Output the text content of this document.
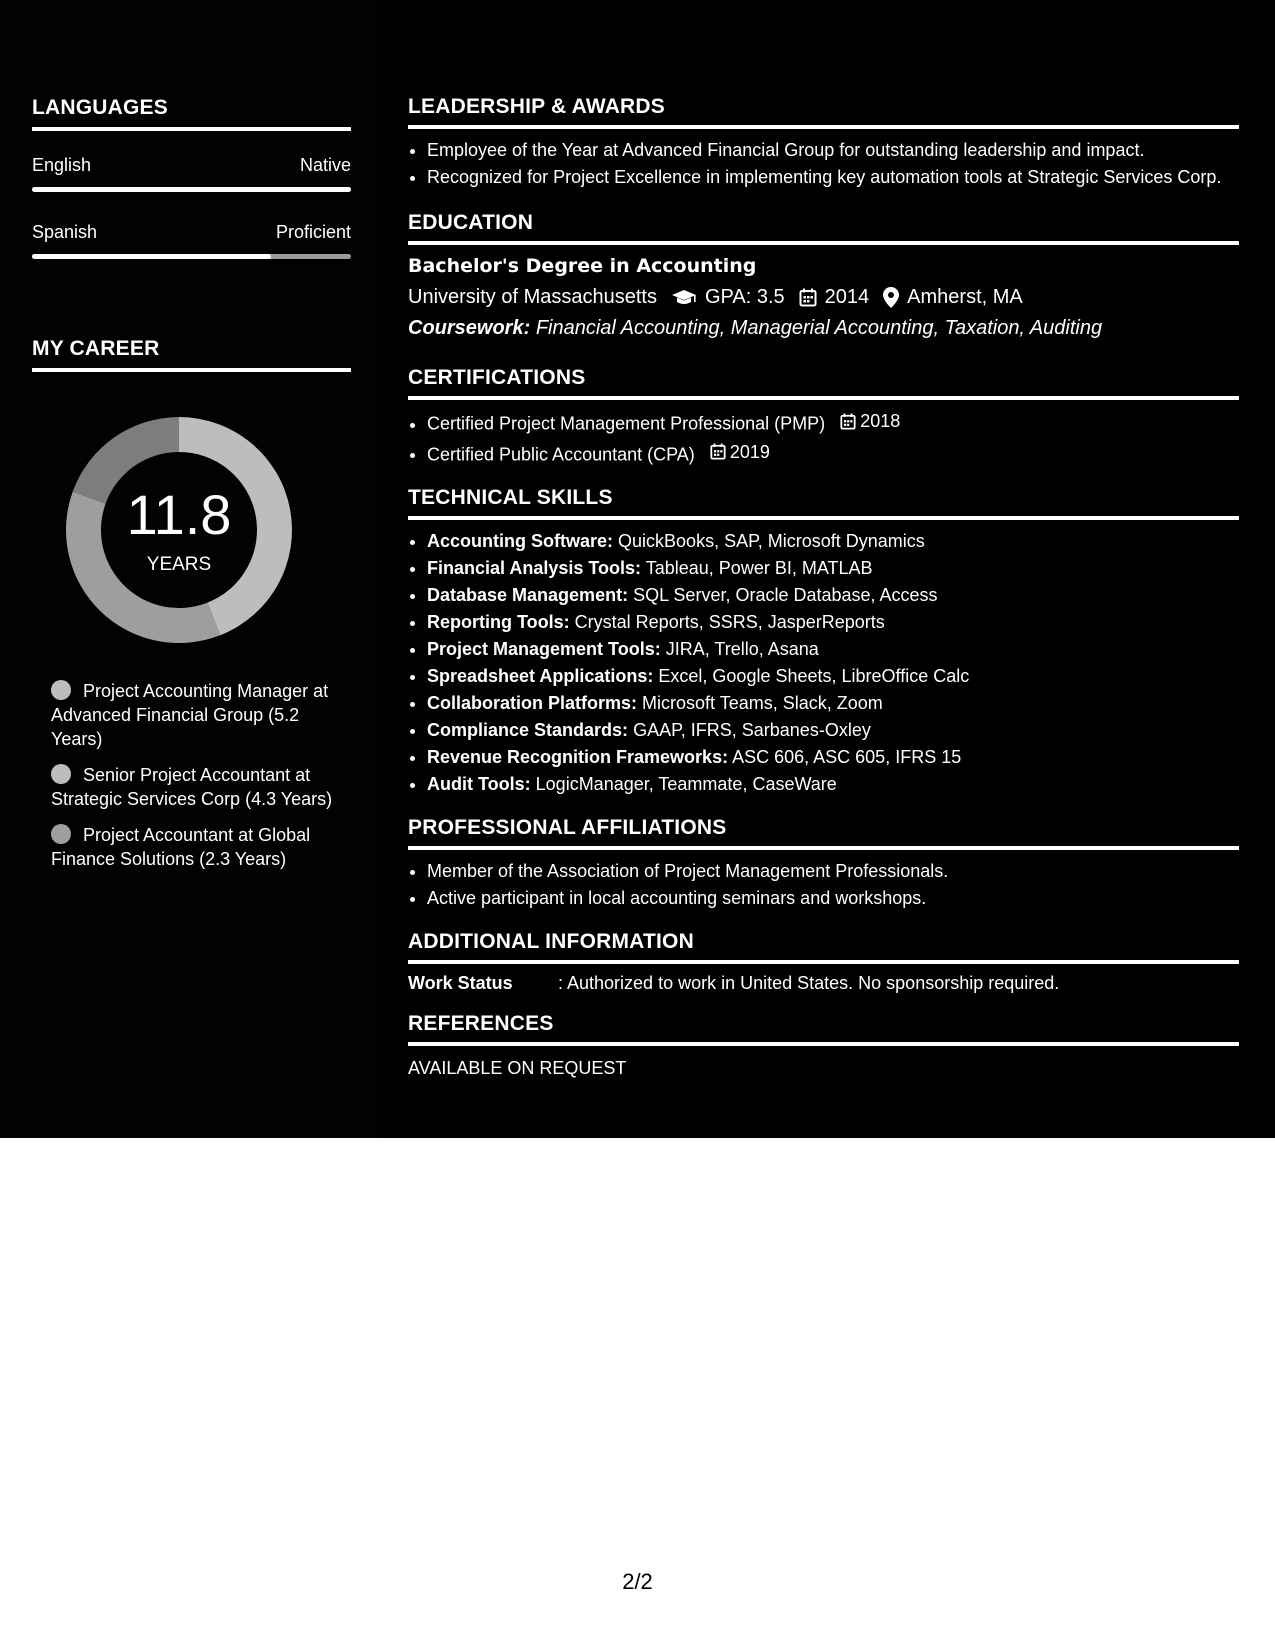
LANGUAGES
English	Native
Spanish	Proficient
MY CAREER
11.8
YEARS
Project Accounting Manager at Advanced Financial Group (5.2 Years)
Senior Project Accountant at Strategic Services Corp (4.3 Years)
Project Accountant at Global Finance Solutions (2.3 Years)
LEADERSHIP & AWARDS
• Employee of the Year at Advanced Financial Group for outstanding leadership and impact.
• Recognized for Project Excellence in implementing key automation tools at Strategic Services Corp.
EDUCATION
Bachelor's Degree in Accounting
University of Massachusetts GPA: 3.5 2014 Amherst, MA
Coursework: Financial Accounting, Managerial Accounting, Taxation, Auditing
CERTIFICATIONS
• Certified Project Management Professional (PMP) 2018
• Certified Public Accountant (CPA) 2019
TECHNICAL SKILLS
• Accounting Software: QuickBooks, SAP, Microsoft Dynamics
• Financial Analysis Tools: Tableau, Power BI, MATLAB
• Database Management: SQL Server, Oracle Database, Access
• Reporting Tools: Crystal Reports, SSRS, JasperReports
• Project Management Tools: JIRA, Trello, Asana
• Spreadsheet Applications: Excel, Google Sheets, LibreOffice Calc
• Collaboration Platforms: Microsoft Teams, Slack, Zoom
• Compliance Standards: GAAP, IFRS, Sarbanes-Oxley
• Revenue Recognition Frameworks: ASC 606, ASC 605, IFRS 15
• Audit Tools: LogicManager, Teammate, CaseWare
PROFESSIONAL AFFILIATIONS
• Member of the Association of Project Management Professionals.
• Active participant in local accounting seminars and workshops.
ADDITIONAL INFORMATION
Work Status	: Authorized to work in United States. No sponsorship required.
REFERENCES
AVAILABLE ON REQUEST
2/2
